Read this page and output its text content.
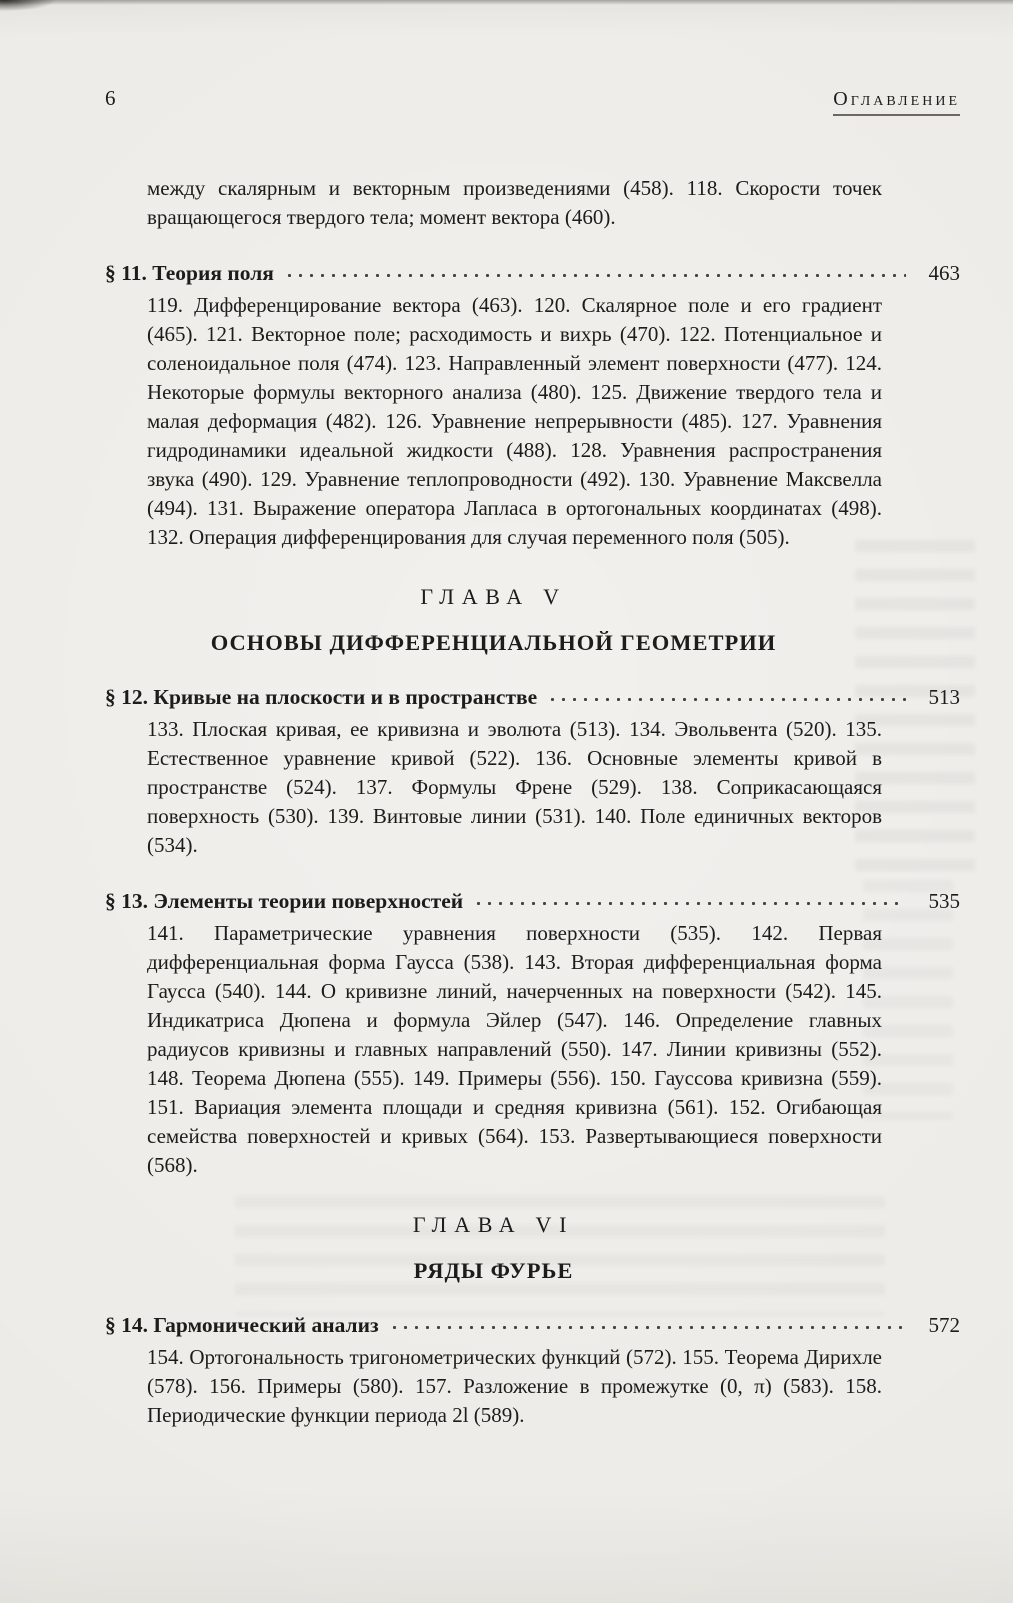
6	Оглавление

между скалярным и векторным произведениями (458). 118. Скорости точек вращающегося твердого тела; момент вектора (460).

§ 11. Теория поля	463

119. Дифференцирование вектора (463). 120. Скалярное поле и его градиент (465). 121. Векторное поле; расходимость и вихрь (470). 122. Потенциальное и соленоидальное поля (474). 123. Направленный элемент поверхности (477). 124. Некоторые формулы векторного анализа (480). 125. Движение твердого тела и малая деформация (482). 126. Уравнение непрерывности (485). 127. Уравнения гидродинамики идеальной жидкости (488). 128. Уравнения распространения звука (490). 129. Уравнение теплопроводности (492). 130. Уравнение Максвелла (494). 131. Выражение оператора Лапласа в ортогональных координатах (498). 132. Операция дифференцирования для случая переменного поля (505).

ГЛАВА V
ОСНОВЫ ДИФФЕРЕНЦИАЛЬНОЙ ГЕОМЕТРИИ
§ 12. Кривые на плоскости и в пространстве	513

133. Плоская кривая, ее кривизна и эволюта (513). 134. Эвольвента (520). 135. Естественное уравнение кривой (522). 136. Основные элементы кривой в пространстве (524). 137. Формулы Френе (529). 138. Соприкасающаяся поверхность (530). 139. Винтовые линии (531). 140. Поле единичных векторов (534).

§ 13. Элементы теории поверхностей	535

141. Параметрические уравнения поверхности (535). 142. Первая дифференциальная форма Гаусса (538). 143. Вторая дифференциальная форма Гаусса (540). 144. О кривизне линий, начерченных на поверхности (542). 145. Индикатриса Дюпена и формула Эйлер (547). 146. Определение главных радиусов кривизны и главных направлений (550). 147. Линии кривизны (552). 148. Теорема Дюпена (555). 149. Примеры (556). 150. Гауссова кривизна (559). 151. Вариация элемента площади и средняя кривизна (561). 152. Огибающая семейства поверхностей и кривых (564). 153. Развертывающиеся поверхности (568).

ГЛАВА VI
РЯДЫ ФУРЬЕ
§ 14. Гармонический анализ	572

154. Ортогональность тригонометрических функций (572). 155. Теорема Дирихле (578). 156. Примеры (580). 157. Разложение в промежутке (0, π) (583). 158. Периодические функции периода 2l (589).
